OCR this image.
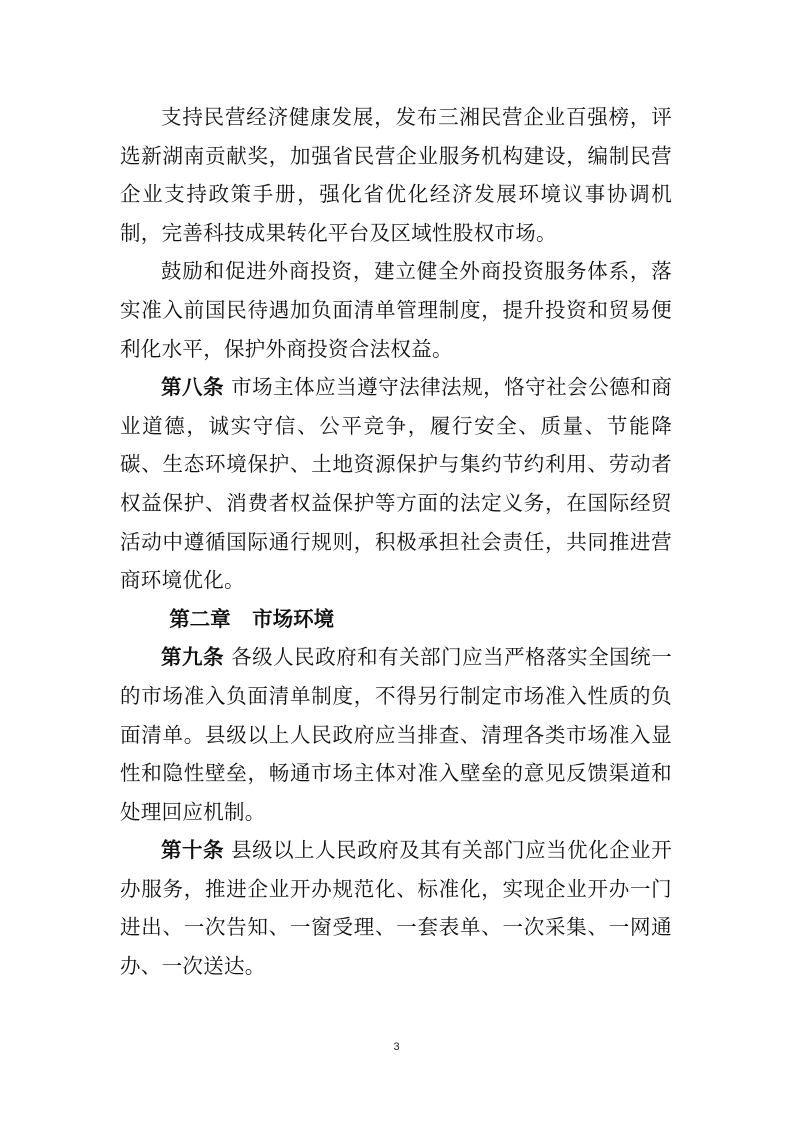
支持民营经济健康发展，发布三湘民营企业百强榜，评选新湖南贡献奖，加强省民营企业服务机构建设，编制民营企业支持政策手册，强化省优化经济发展环境议事协调机制，完善科技成果转化平台及区域性股权市场。

鼓励和促进外商投资，建立健全外商投资服务体系，落实准入前国民待遇加负面清单管理制度，提升投资和贸易便利化水平，保护外商投资合法权益。

第八条 市场主体应当遵守法律法规，恪守社会公德和商业道德，诚实守信、公平竞争，履行安全、质量、节能降碳、生态环境保护、土地资源保护与集约节约利用、劳动者权益保护、消费者权益保护等方面的法定义务，在国际经贸活动中遵循国际通行规则，积极承担社会责任，共同推进营商环境优化。

第二章 市场环境

第九条 各级人民政府和有关部门应当严格落实全国统一的市场准入负面清单制度，不得另行制定市场准入性质的负面清单。县级以上人民政府应当排查、清理各类市场准入显性和隐性壁垒，畅通市场主体对准入壁垒的意见反馈渠道和处理回应机制。

第十条 县级以上人民政府及其有关部门应当优化企业开办服务，推进企业开办规范化、标准化，实现企业开办一门进出、一次告知、一窗受理、一套表单、一次采集、一网通办、一次送达。

3
